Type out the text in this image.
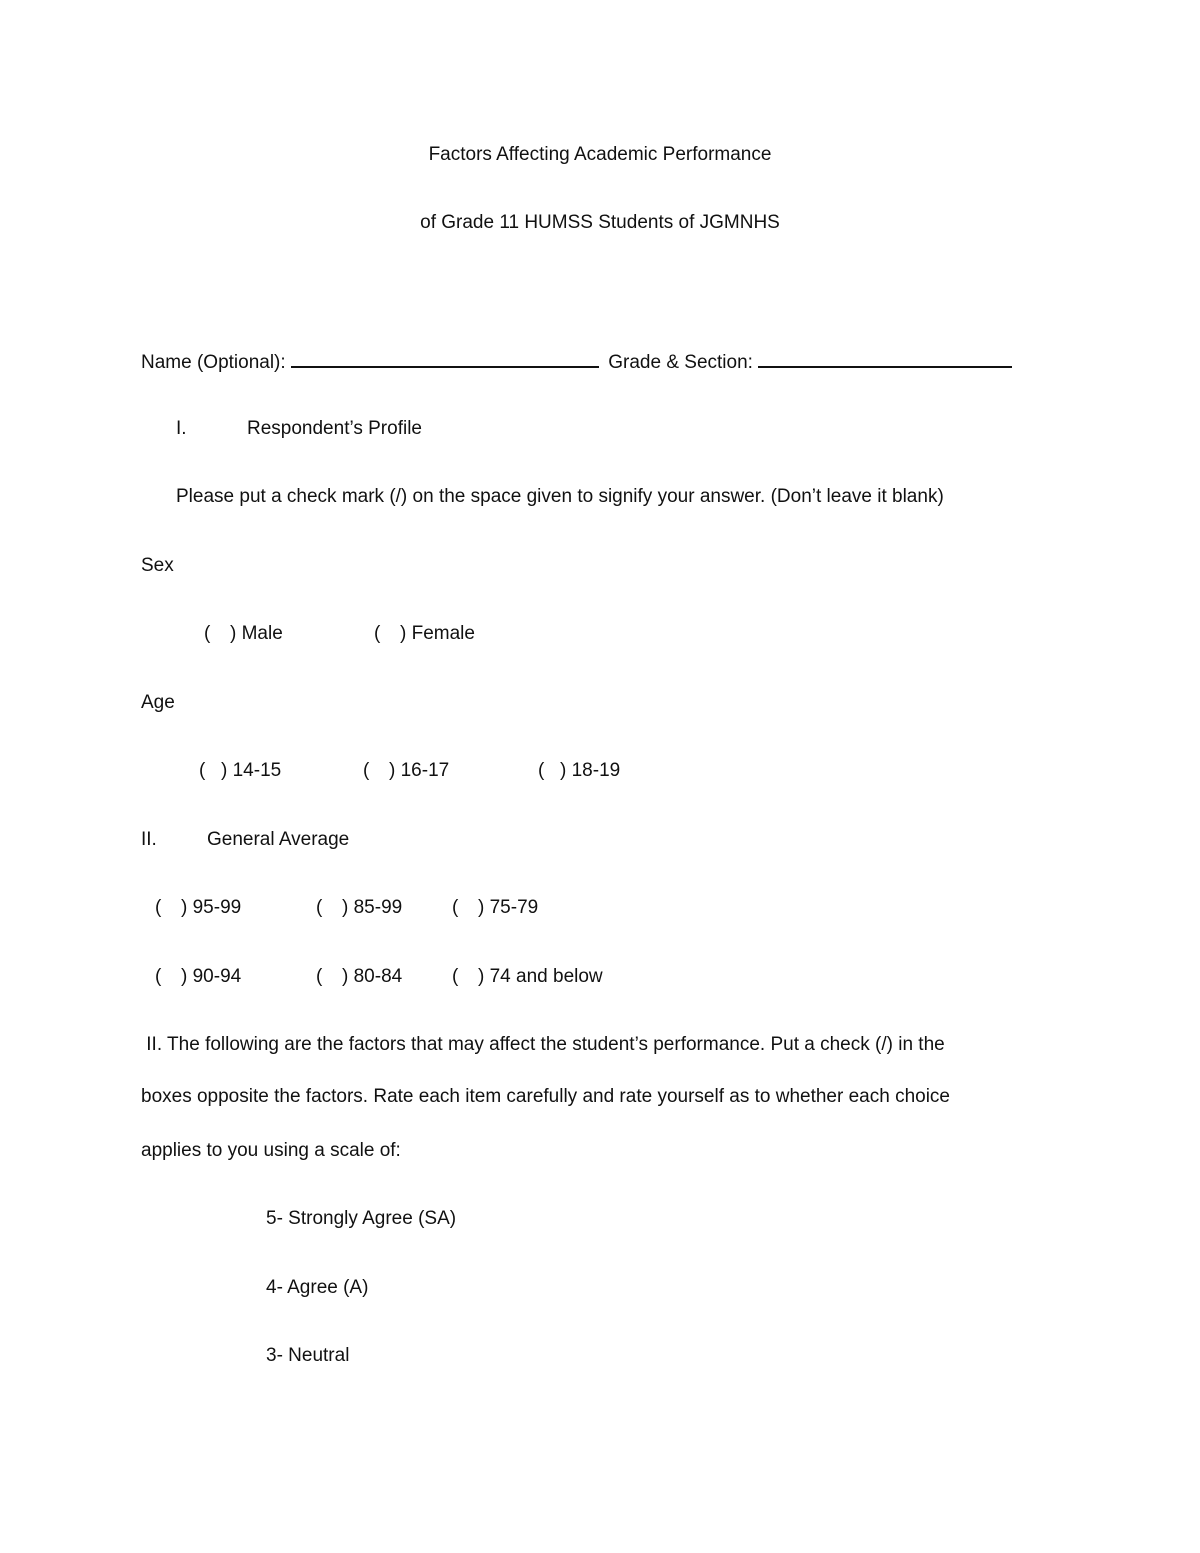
Factors Affecting Academic Performance
of Grade 11 HUMSS Students of JGMNHS
Name (Optional):	Grade & Section:
I.	Respondent’s Profile
Please put a check mark (/) on the space given to signify your answer. (Don’t leave it blank)
Sex
( ) Male	( ) Female
Age
( ) 14-15	( ) 16-17	( ) 18-19
II.	General Average
( ) 95-99	( ) 85-99	( ) 75-79
( ) 90-94	( ) 80-84	( ) 74 and below
II. The following are the factors that may affect the student’s performance. Put a check (/) in the
boxes opposite the factors. Rate each item carefully and rate yourself as to whether each choice
applies to you using a scale of:
5- Strongly Agree (SA)
4- Agree (A)
3- Neutral
